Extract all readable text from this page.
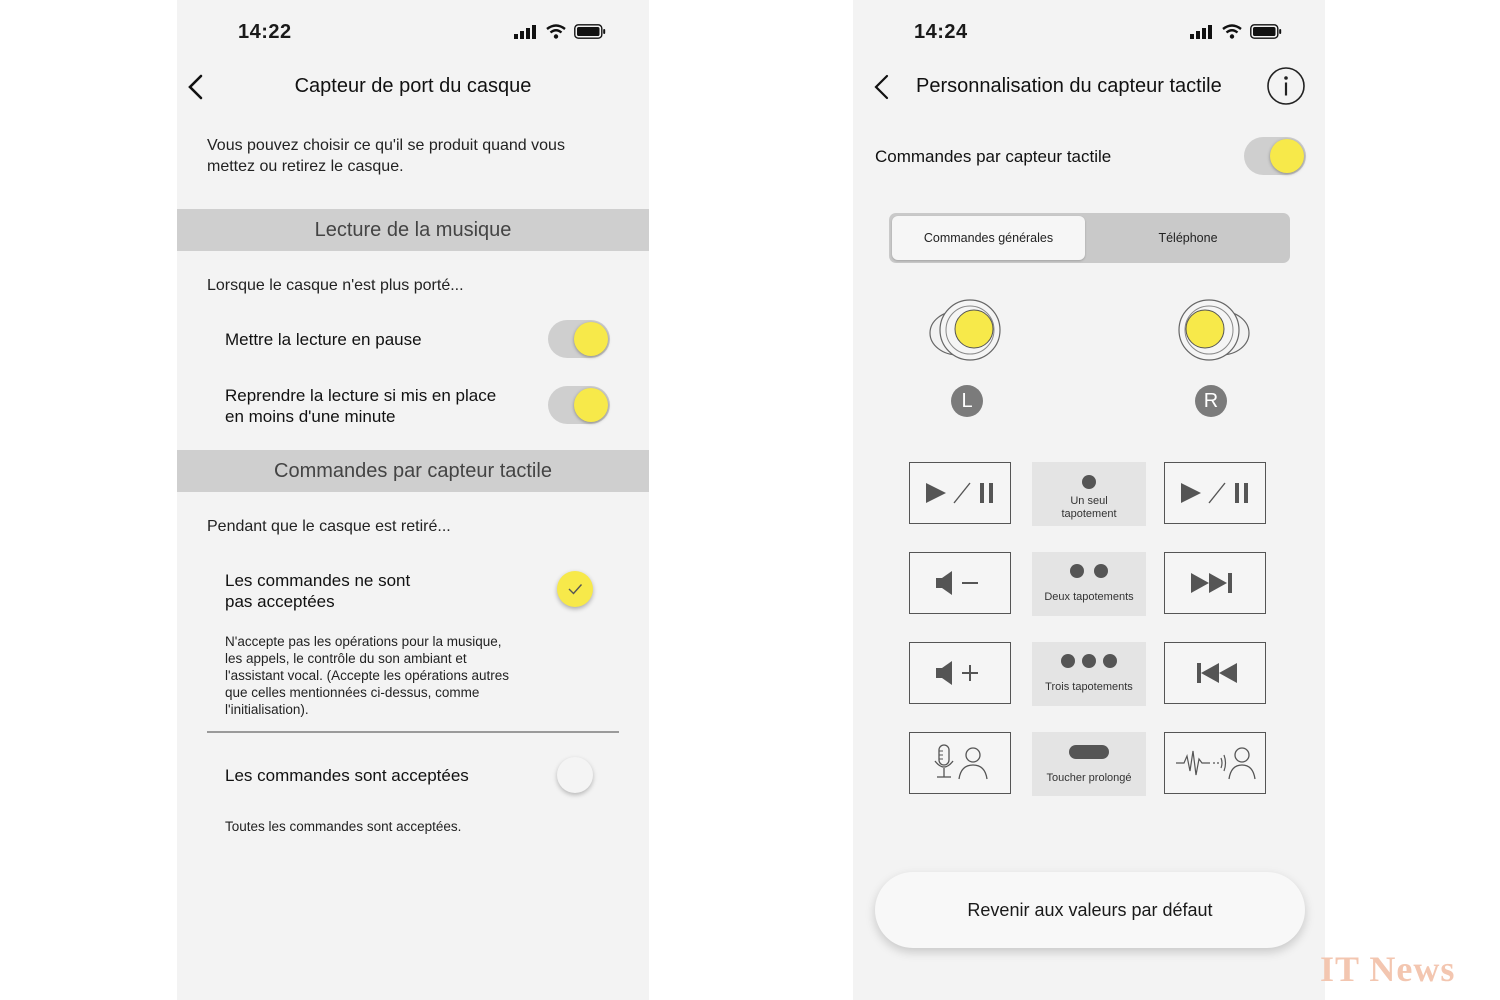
14:22
Capteur de port du casque
Vous pouvez choisir ce qu'il se produit quand vous mettez ou retirez le casque.
Lecture de la musique
Lorsque le casque n'est plus porté...
Mettre la lecture en pause
Reprendre la lecture si mis en place
en moins d'une minute
Commandes par capteur tactile
Pendant que le casque est retiré...
Les commandes ne sont
pas acceptées
N'accepte pas les opérations pour la musique,
les appels, le contrôle du son ambiant et
l'assistant vocal. (Accepte les opérations autres
que celles mentionnées ci-dessus, comme
l'initialisation).
Les commandes sont acceptées
Toutes les commandes sont acceptées.
14:24
Personnalisation du capteur tactile
Commandes par capteur tactile
Commandes générales	Téléphone
L	R
Un seul
tapotement
Deux tapotements
Trois tapotements
Toucher prolongé
Revenir aux valeurs par défaut
IT News
